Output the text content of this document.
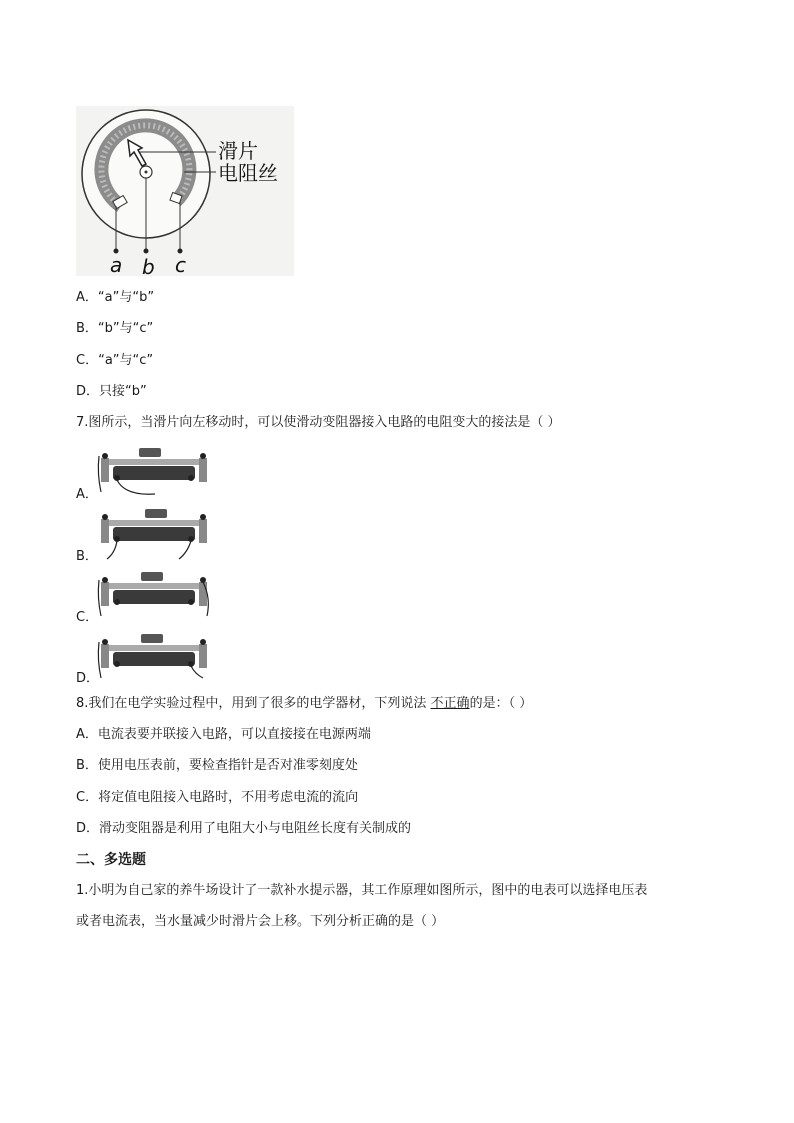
滑片
电阻丝
a b c
A．“a”与“b”
B．“b”与“c”
C．“a”与“c”
D．只接“b”
7.图所示，当滑片向左移动时，可以使滑动变阻器接入电路的电阻变大的接法是（ ）
A．
B．
C．
D．
8.我们在电学实验过程中，用到了很多的电学器材，下列说法 不正确的是：（ ）
A．电流表要并联接入电路，可以直接接在电源两端
B．使用电压表前，要检查指针是否对准零刻度处
C．将定值电阻接入电路时，不用考虑电流的流向
D．滑动变阻器是利用了电阻大小与电阻丝长度有关制成的
二、多选题
1.小明为自己家的养牛场设计了一款补水提示器，其工作原理如图所示，图中的电表可以选择电压表
或者电流表，当水量减少时滑片会上移。下列分析正确的是（ ）
